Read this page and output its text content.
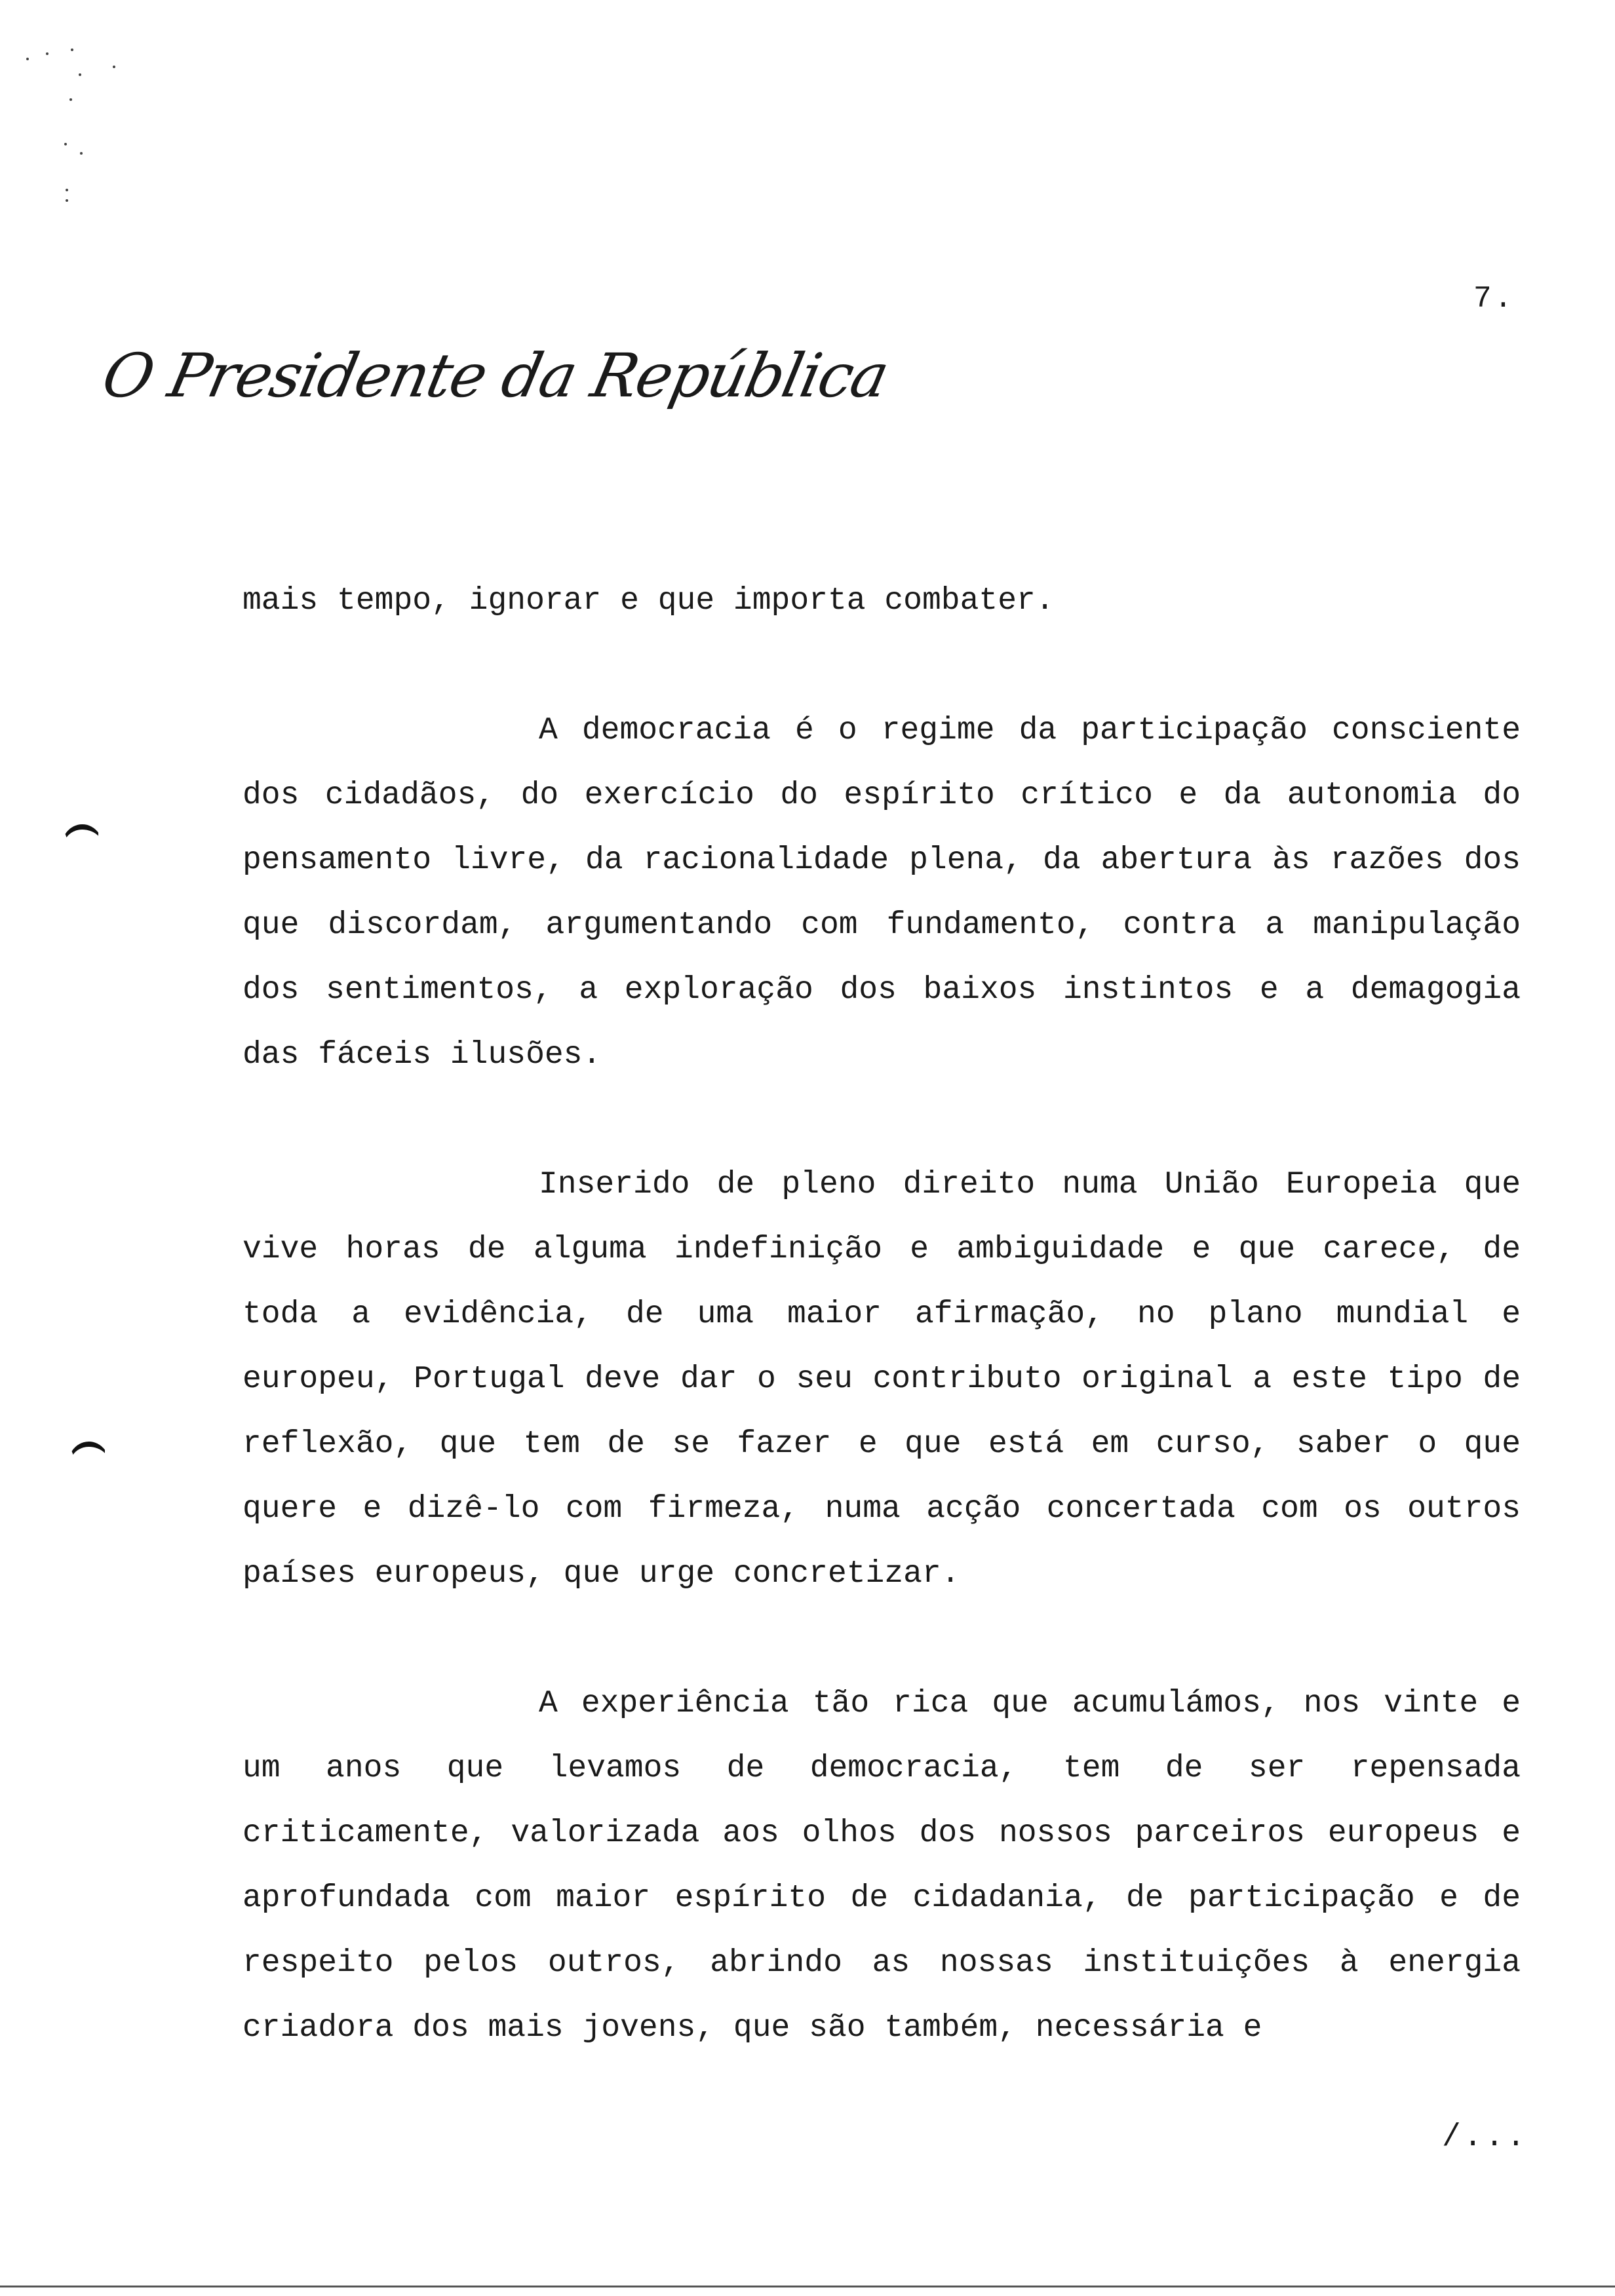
7.
O Presidente da República

mais tempo, ignorar e que importa combater.

A democracia é o regime da participação consciente dos cidadãos, do exercício do espírito crítico e da autonomia do pensamento livre, da racionalidade plena, da abertura às razões dos que discordam, argumentando com fundamento, contra a manipulação dos sentimentos, a exploração dos baixos instintos e a demagogia das fáceis ilusões.

Inserido de pleno direito numa União Europeia que vive horas de alguma indefinição e ambiguidade e que carece, de toda a evidência, de uma maior afirmação, no plano mundial e europeu, Portugal deve dar o seu contributo original a este tipo de reflexão, que tem de se fazer e que está em curso, saber o que quere e dizê-lo com firmeza, numa acção concertada com os outros países europeus, que urge concretizar.

A experiência tão rica que acumulámos, nos vinte e um anos que levamos de democracia, tem de ser repensada criticamente, valorizada aos olhos dos nossos parceiros europeus e aprofundada com maior espírito de cidadania, de participação e de respeito pelos outros, abrindo as nossas instituições à energia criadora dos mais jovens, que são também, necessária e

/...
